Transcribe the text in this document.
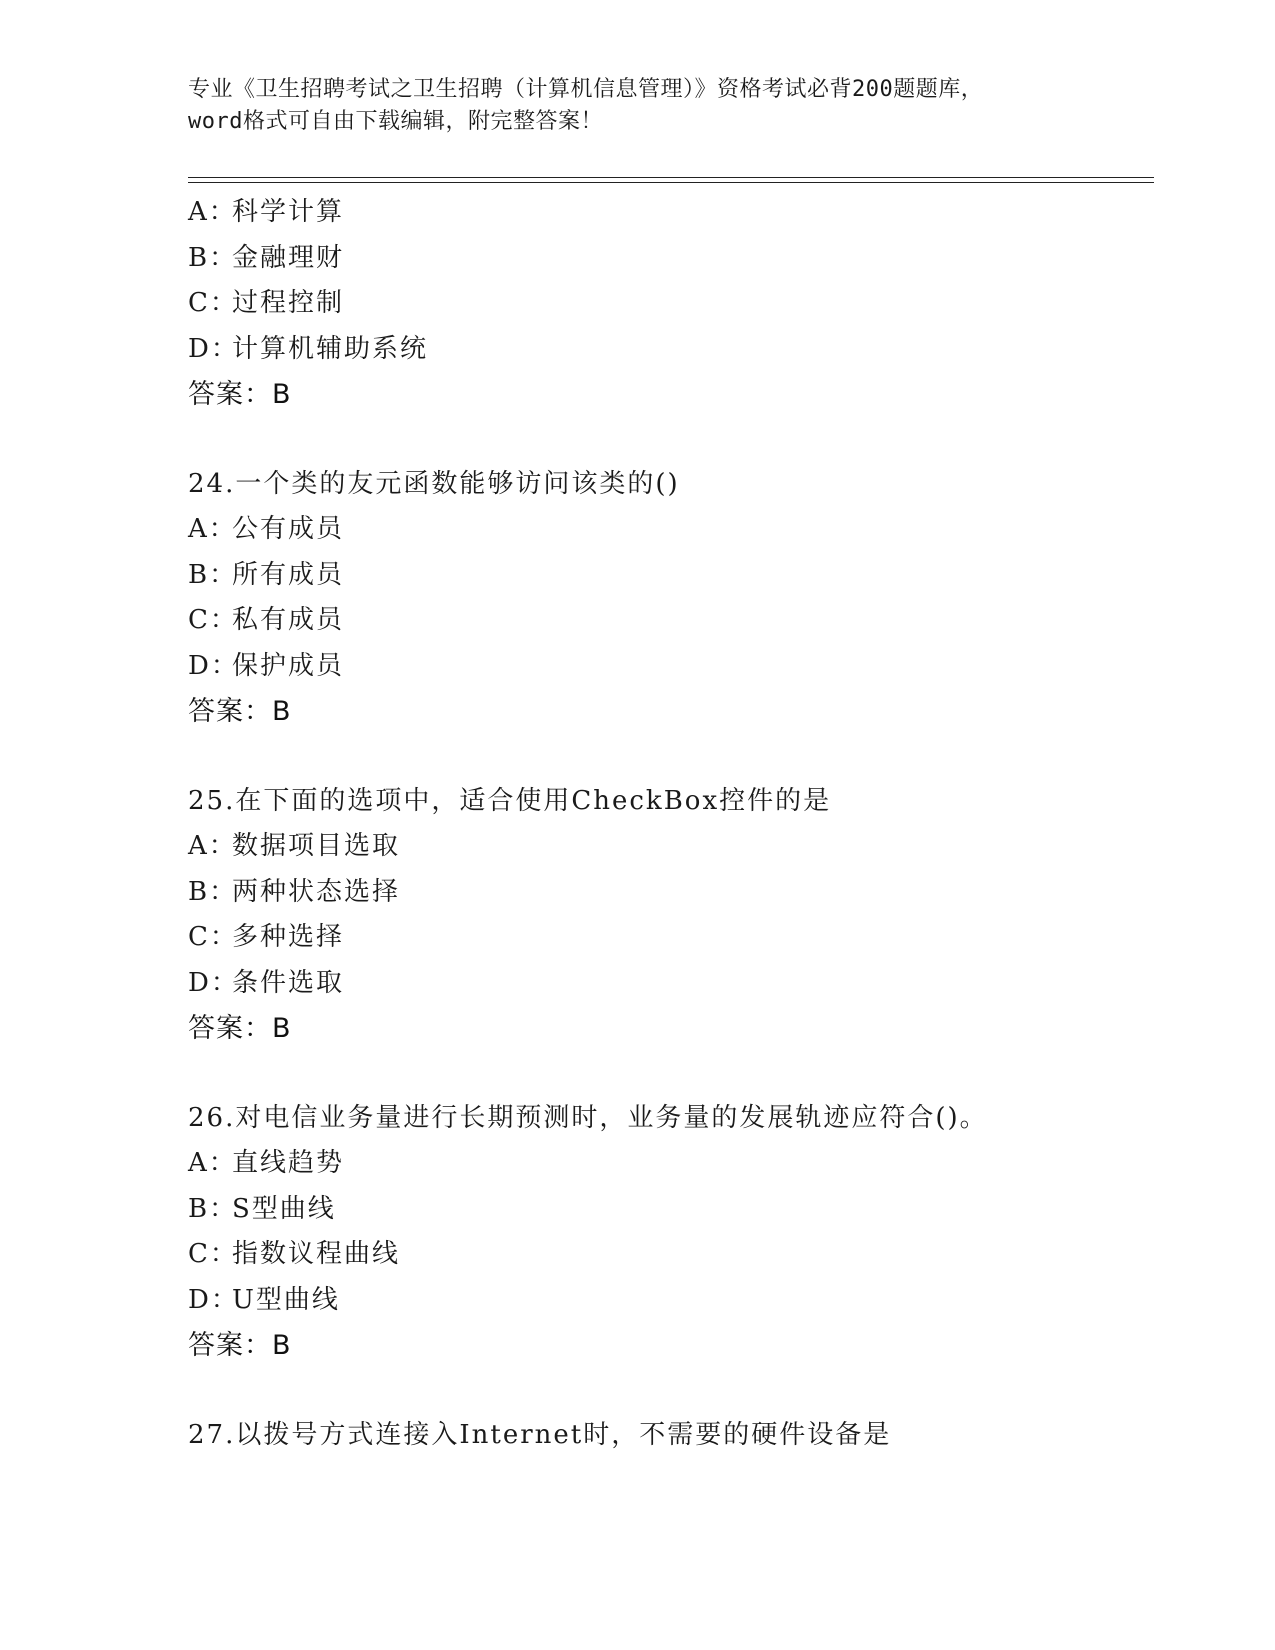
专业《卫生招聘考试之卫生招聘（计算机信息管理）》资格考试必背200题题库，
word格式可自由下载编辑，附完整答案！
A：科学计算
B：金融理财
C：过程控制
D：计算机辅助系统
答案：B
24.一个类的友元函数能够访问该类的()
A：公有成员
B：所有成员
C：私有成员
D：保护成员
答案：B
25.在下面的选项中，适合使用CheckBox控件的是
A：数据项目选取
B：两种状态选择
C：多种选择
D：条件选取
答案：B
26.对电信业务量进行长期预测时，业务量的发展轨迹应符合()。
A：直线趋势
B：S型曲线
C：指数议程曲线
D：U型曲线
答案：B
27.以拨号方式连接入Internet时，不需要的硬件设备是
